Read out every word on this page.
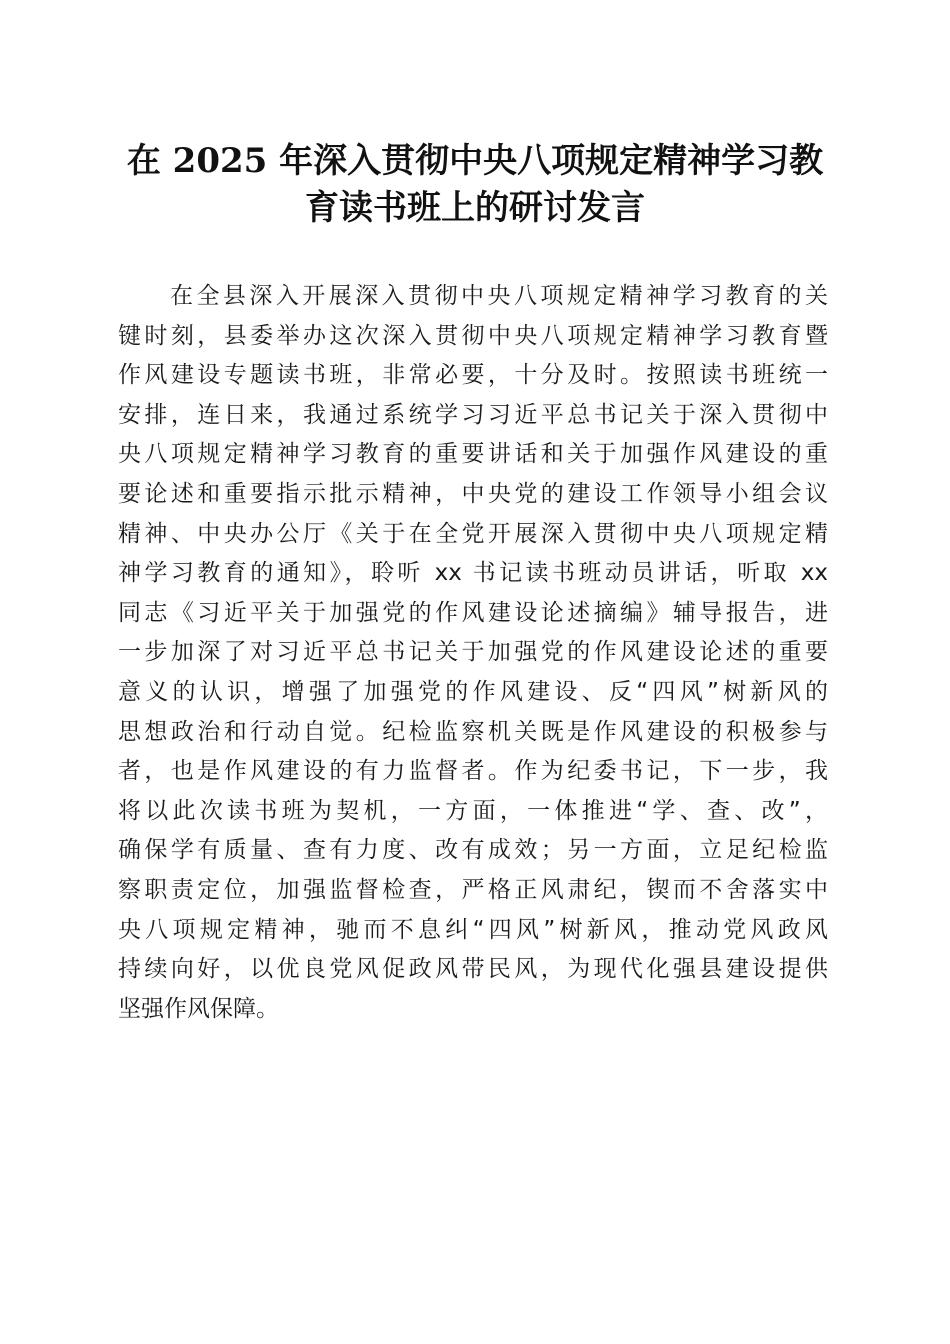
在 2025 年深入贯彻中央八项规定精神学习教
育读书班上的研讨发言
在全县深入开展深入贯彻中央八项规定精神学习教育的关
键时刻，县委举办这次深入贯彻中央八项规定精神学习教育暨
作风建设专题读书班，非常必要，十分及时。按照读书班统一
安排，连日来，我通过系统学习习近平总书记关于深入贯彻中
央八项规定精神学习教育的重要讲话和关于加强作风建设的重
要论述和重要指示批示精神，中央党的建设工作领导小组会议
精神、中央办公厅《关于在全党开展深入贯彻中央八项规定精
神学习教育的通知》，聆听 xx 书记读书班动员讲话，听取 xx
同志《习近平关于加强党的作风建设论述摘编》辅导报告，进
一步加深了对习近平总书记关于加强党的作风建设论述的重要
意义的认识，增强了加强党的作风建设、反“四风”树新风的
思想政治和行动自觉。纪检监察机关既是作风建设的积极参与
者，也是作风建设的有力监督者。作为纪委书记，下一步，我
将以此次读书班为契机，一方面，一体推进“学、查、改”，
确保学有质量、查有力度、改有成效；另一方面，立足纪检监
察职责定位，加强监督检查，严格正风肃纪，锲而不舍落实中
央八项规定精神，驰而不息纠“四风”树新风，推动党风政风
持续向好，以优良党风促政风带民风，为现代化强县建设提供
坚强作风保障。
